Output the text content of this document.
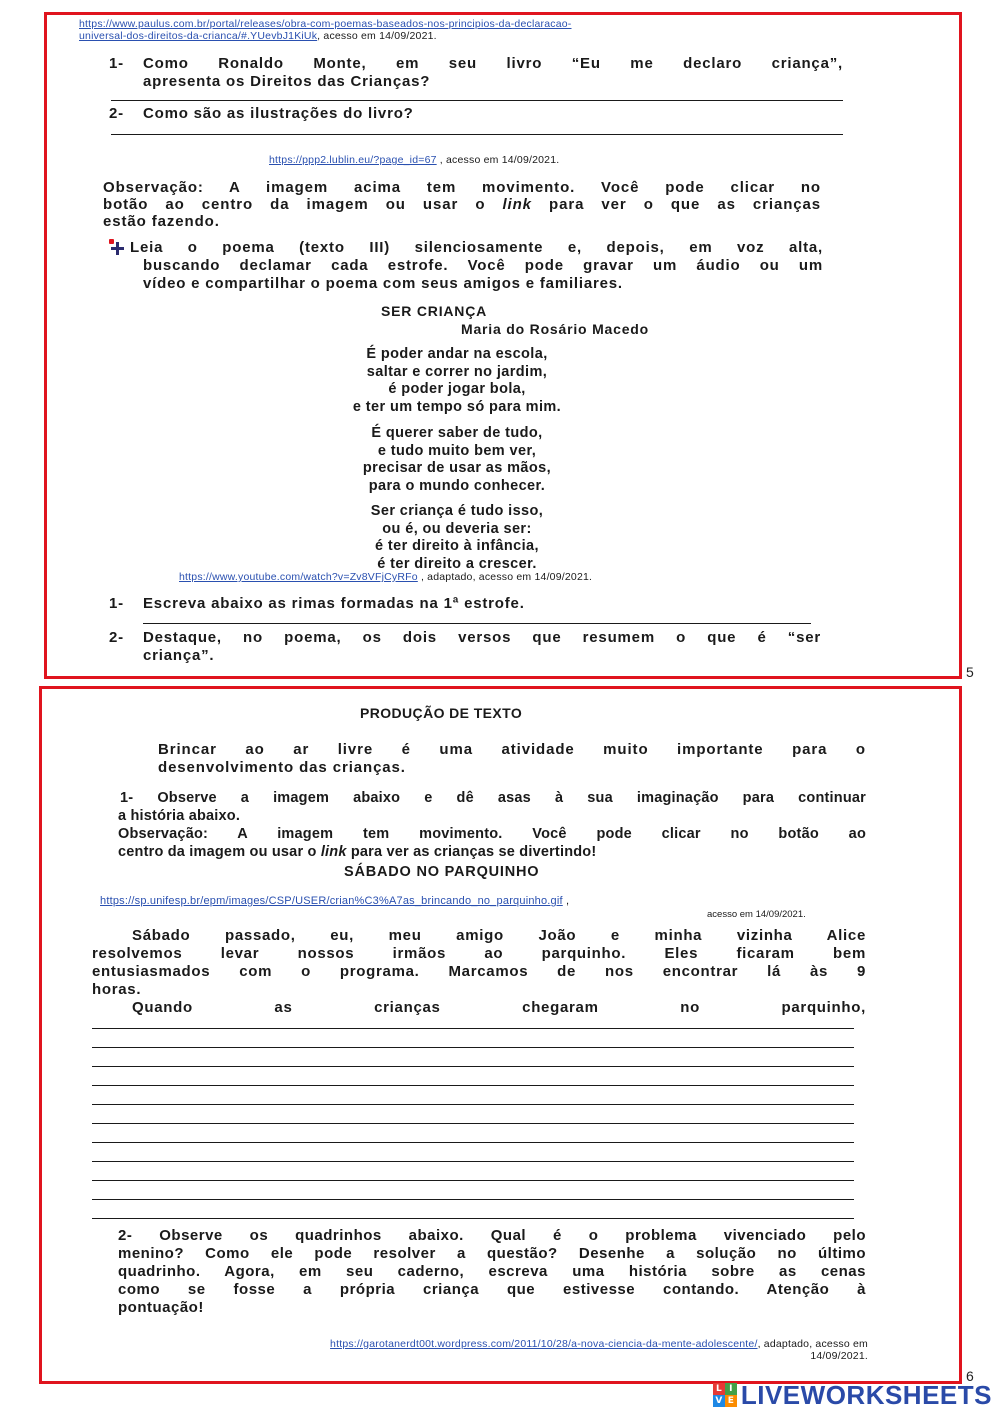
https://www.paulus.com.br/portal/releases/obra-com-poemas-baseados-nos-principios-da-declaracao-
universal-dos-direitos-da-crianca/#.YUevbJ1KiUk, acesso em 14/09/2021.
1-	Como Ronaldo Monte, em seu livro “Eu me declaro criança”,
apresenta os Direitos das Crianças?
2- Como são as ilustrações do livro?
https://ppp2.lublin.eu/?page_id=67 , acesso em 14/09/2021.
Observação: A imagem acima tem movimento. Você pode clicar no
botão ao centro da imagem ou usar o link para ver o que as crianças
estão fazendo.
Leia o poema (texto III) silenciosamente e, depois, em voz alta,
buscando declamar cada estrofe. Você pode gravar um áudio ou um
vídeo e compartilhar o poema com seus amigos e familiares.
SER CRIANÇA
Maria do Rosário Macedo
É poder andar na escola,
saltar e correr no jardim,
é poder jogar bola,
e ter um tempo só para mim.
É querer saber de tudo,
e tudo muito bem ver,
precisar de usar as mãos,
para o mundo conhecer.
Ser criança é tudo isso,
ou é, ou deveria ser:
é ter direito à infância,
é ter direito a crescer.
https://www.youtube.com/watch?v=Zv8VFjCyRFo , adaptado, acesso em 14/09/2021.
1- Escreva abaixo as rimas formadas na 1ª estrofe.
2- Destaque, no poema, os dois versos que resumem o que é “ser
criança”.
5
PRODUÇÃO DE TEXTO
Brincar ao ar livre é uma atividade muito importante para o
desenvolvimento das crianças.
1- Observe a imagem abaixo e dê asas à sua imaginação para continuar
a história abaixo.
Observação: A imagem tem movimento. Você pode clicar no botão ao
centro da imagem ou usar o link para ver as crianças se divertindo!
SÁBADO NO PARQUINHO
https://sp.unifesp.br/epm/images/CSP/USER/crian%C3%A7as_brincando_no_parquinho.gif ,
acesso em 14/09/2021.
Sábado passado, eu, meu amigo João e minha vizinha Alice
resolvemos levar nossos irmãos ao parquinho. Eles ficaram bem
entusiasmados com o programa. Marcamos de nos encontrar lá às 9
horas.
Quando as crianças chegaram no parquinho,
2- Observe os quadrinhos abaixo. Qual é o problema vivenciado pelo
menino? Como ele pode resolver a questão? Desenhe a solução no último
quadrinho. Agora, em seu caderno, escreva uma história sobre as cenas
como se fosse a própria criança que estivesse contando. Atenção à
pontuação!
https://garotanerdt00t.wordpress.com/2011/10/28/a-nova-ciencia-da-mente-adolescente/, adaptado, acesso em
14/09/2021.
6
L I
V E LIVEWORKSHEETS
